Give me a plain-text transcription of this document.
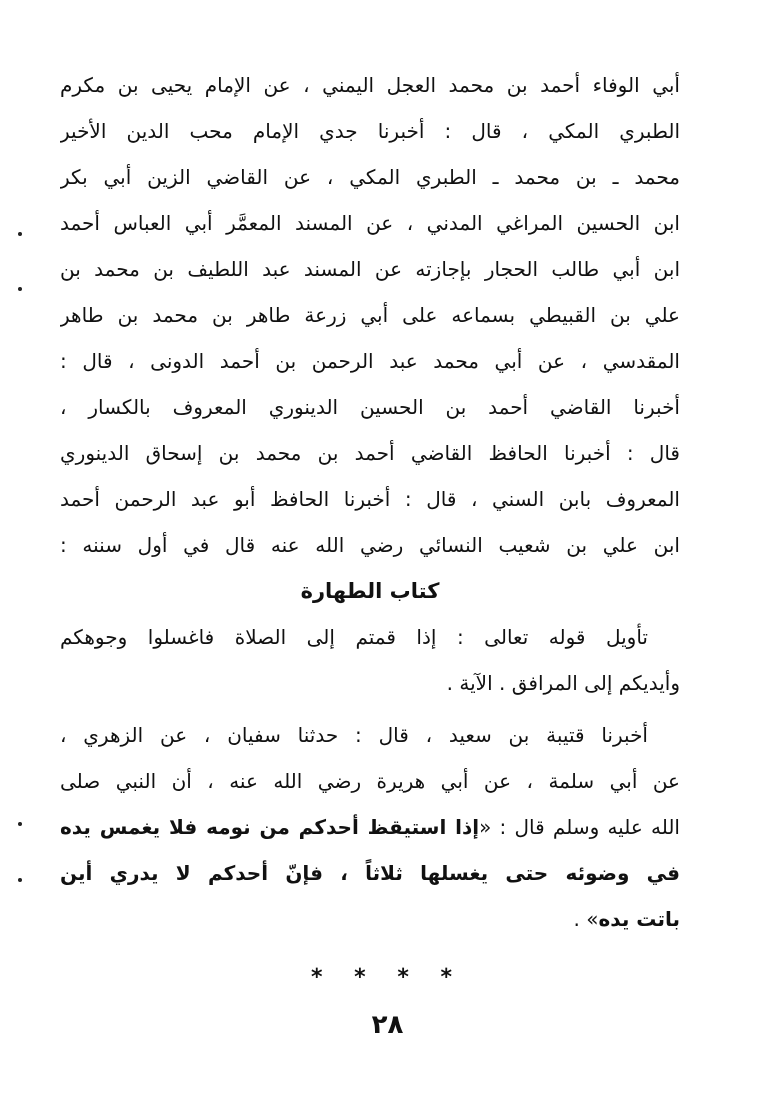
أبي الوفاء أحمد بن محمد العجل اليمني ، عن الإمام يحيى بن مكرم
الطبري المكي ، قال : أخبرنا جدي الإمام محب الدين الأخير
محمد ـ بن محمد ـ الطبري المكي ، عن القاضي الزين أبي بكر
ابن الحسين المراغي المدني ، عن المسند المعمَّر أبي العباس أحمد
ابن أبي طالب الحجار بإجازته عن المسند عبد اللطيف بن محمد بن
علي بن القبيطي بسماعه على أبي زرعة طاهر بن محمد بن طاهر
المقدسي ، عن أبي محمد عبد الرحمن بن أحمد الدونى ، قال :
أخبرنا القاضي أحمد بن الحسين الدينوري المعروف بالكسار ،
قال : أخبرنا الحافظ القاضي أحمد بن محمد بن إسحاق الدينوري
المعروف بابن السني ، قال : أخبرنا الحافظ أبو عبد الرحمن أحمد
ابن علي بن شعيب النسائي رضي الله عنه قال في أول سننه :
كتاب الطهارة
تأويل قوله تعالى : إذا قمتم إلى الصلاة فاغسلوا وجوهكم
وأيديكم إلى المرافق . الآية .
أخبرنا قتيبة بن سعيد ، قال : حدثنا سفيان ، عن الزهري ،
عن أبي سلمة ، عن أبي هريرة رضي الله عنه ، أن النبي صلى
الله عليه وسلم قال : «إذا استيقظ أحدكم من نومه فلا يغمس يده
في وضوئه حتى يغسلها ثلاثاً ، فإنّ أحدكم لا يدري أين
باتت يده» .
* * * *
٢٨
